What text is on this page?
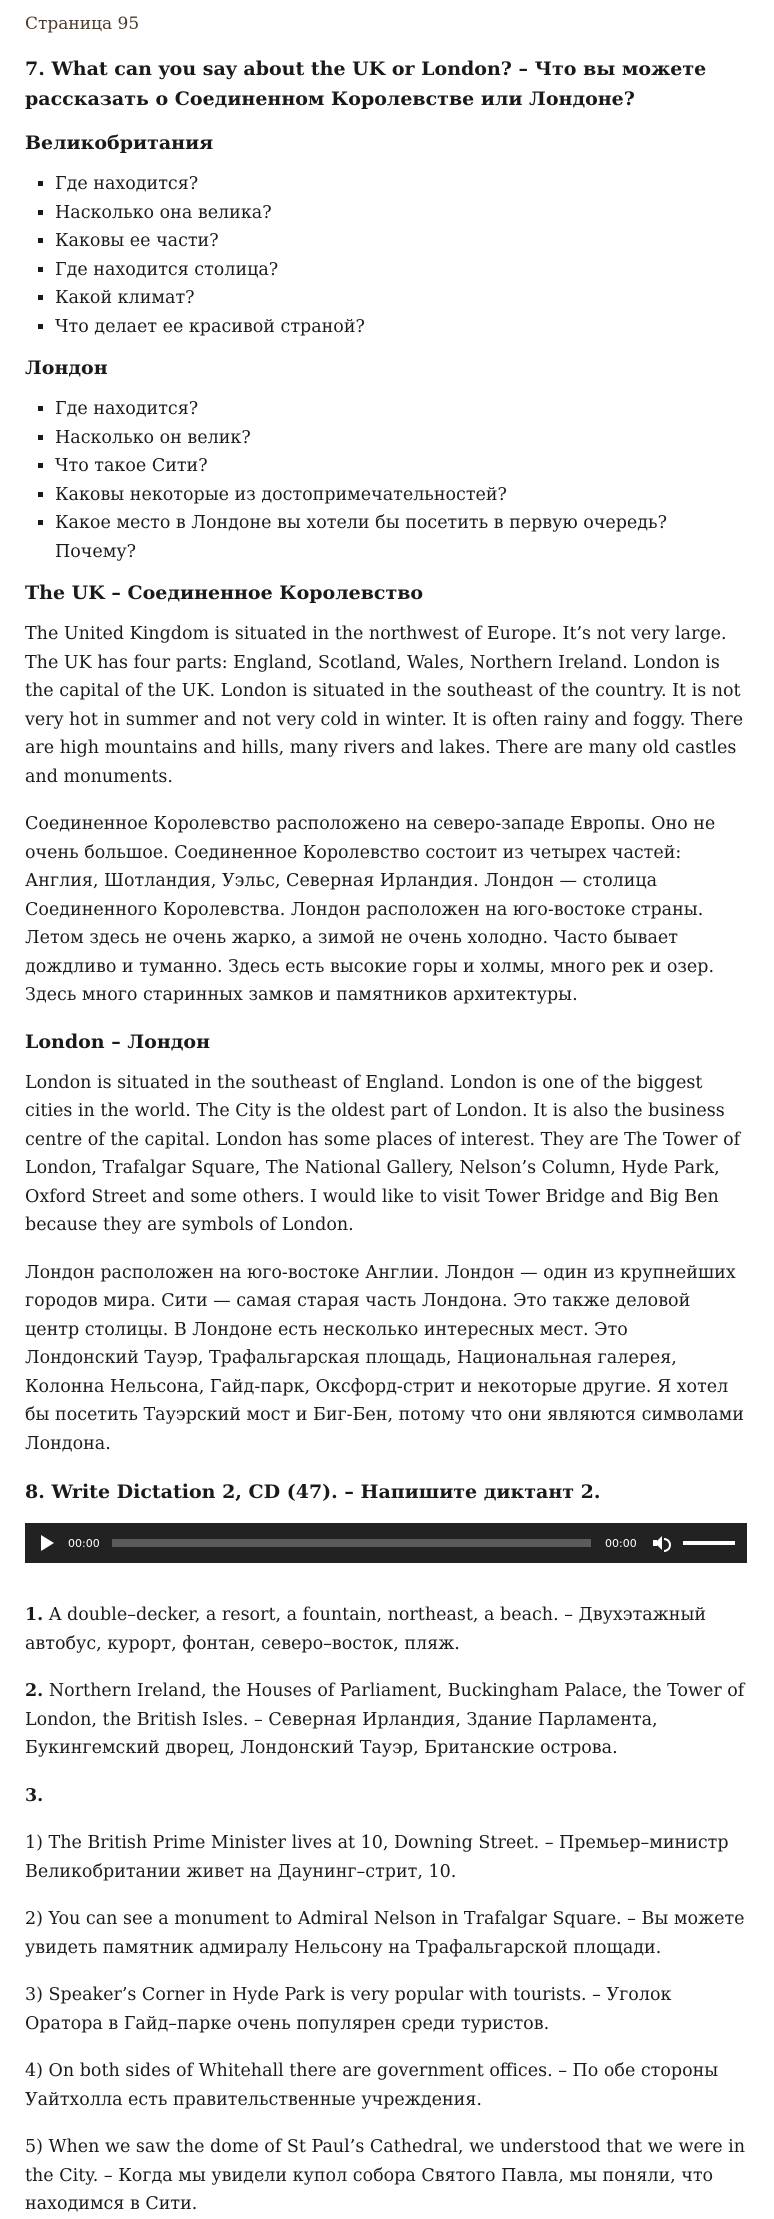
Страница 95
7. What can you say about the UK or London? – Что вы можете рассказать о Соединенном Королевстве или Лондоне?
Великобритания
▪ Где находится?
▪ Насколько она велика?
▪ Каковы ее части?
▪ Где находится столица?
▪ Какой климат?
▪ Что делает ее красивой страной?
Лондон
▪ Где находится?
▪ Насколько он велик?
▪ Что такое Сити?
▪ Каковы некоторые из достопримечательностей?
▪ Какое место в Лондоне вы хотели бы посетить в первую очередь? Почему?
The UK – Соединенное Королевство

The United Kingdom is situated in the northwest of Europe. It’s not very large. The UK has four parts: England, Scotland, Wales, Northern Ireland. London is the capital of the UK. London is situated in the southeast of the country. It is not very hot in summer and not very cold in winter. It is often rainy and foggy. There are high mountains and hills, many rivers and lakes. There are many old castles and monuments.

Соединенное Королевство расположено на северо-западе Европы. Оно не очень большое. Соединенное Королевство состоит из четырех частей: Англия, Шотландия, Уэльс, Северная Ирландия. Лондон — столица Соединенного Королевства. Лондон расположен на юго-востоке страны. Летом здесь не очень жарко, а зимой не очень холодно. Часто бывает дождливо и туманно. Здесь есть высокие горы и холмы, много рек и озер. Здесь много старинных замков и памятников архитектуры.

London – Лондон

London is situated in the southeast of England. London is one of the biggest cities in the world. The City is the oldest part of London. It is also the business centre of the capital. London has some places of interest. They are The Tower of London, Trafalgar Square, The National Gallery, Nelson’s Column, Hyde Park, Oxford Street and some others. I would like to visit Tower Bridge and Big Ben because they are symbols of London.

Лондон расположен на юго-востоке Англии. Лондон — один из крупнейших городов мира. Сити — самая старая часть Лондона. Это также деловой центр столицы. В Лондоне есть несколько интересных мест. Это Лондонский Тауэр, Трафальгарская площадь, Национальная галерея, Колонна Нельсона, Гайд-парк, Оксфорд-стрит и некоторые другие. Я хотел бы посетить Тауэрский мост и Биг-Бен, потому что они являются символами Лондона.

8. Write Dictation 2, CD (47). – Напишите диктант 2.
00:00	00:00

1. A double–decker, a resort, a fountain, northeast, a beach. – Двухэтажный автобус, курорт, фонтан, северо–восток, пляж.

2. Northern Ireland, the Houses of Parliament, Buckingham Palace, the Tower of London, the British Isles. – Северная Ирландия, Здание Парламента, Букингемский дворец, Лондонский Тауэр, Британские острова.

3.

1) The British Prime Minister lives at 10, Downing Street. – Премьер–министр Великобритании живет на Даунинг–стрит, 10.

2) You can see a monument to Admiral Nelson in Trafalgar Square. – Вы можете увидеть памятник адмиралу Нельсону на Трафальгарской площади.

3) Speaker’s Corner in Hyde Park is very popular with tourists. – Уголок Оратора в Гайд–парке очень популярен среди туристов.

4) On both sides of Whitehall there are government offices. – По обе стороны Уайтхолла есть правительственные учреждения.

5) When we saw the dome of St Paul’s Cathedral, we understood that we were in the City. – Когда мы увидели купол собора Святого Павла, мы поняли, что находимся в Сити.
